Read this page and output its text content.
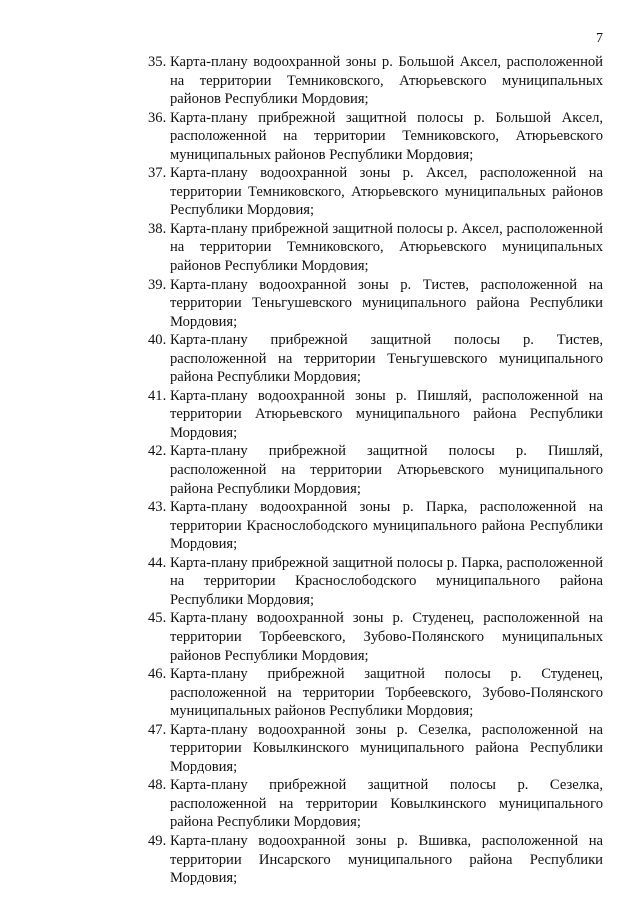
7
35. Карта-плану водоохранной зоны р. Большой Аксел, расположенной на территории Темниковского, Атюрьевского муниципальных районов Республики Мордовия;
36. Карта-плану прибрежной защитной полосы р. Большой Аксел, расположенной на территории Темниковского, Атюрьевского муниципальных районов Республики Мордовия;
37. Карта-плану водоохранной зоны р. Аксел, расположенной на территории Темниковского, Атюрьевского муниципальных районов Республики Мордовия;
38. Карта-плану прибрежной защитной полосы р. Аксел, расположенной на территории Темниковского, Атюрьевского муниципальных районов Республики Мордовия;
39. Карта-плану водоохранной зоны р. Тистев, расположенной на территории Теньгушевского муниципального района Республики Мордовия;
40. Карта-плану прибрежной защитной полосы р. Тистев, расположенной на территории Теньгушевского муниципального района Республики Мордовия;
41. Карта-плану водоохранной зоны р. Пишляй, расположенной на территории Атюрьевского муниципального района Республики Мордовия;
42. Карта-плану прибрежной защитной полосы р. Пишляй, расположенной на территории Атюрьевского муниципального района Республики Мордовия;
43. Карта-плану водоохранной зоны р. Парка, расположенной на территории Краснослободского муниципального района Республики Мордовия;
44. Карта-плану прибрежной защитной полосы р. Парка, расположенной на территории Краснослободского муниципального района Республики Мордовия;
45. Карта-плану водоохранной зоны р. Студенец, расположенной на территории Торбеевского, Зубово-Полянского муниципальных районов Республики Мордовия;
46. Карта-плану прибрежной защитной полосы р. Студенец, расположенной на территории Торбеевского, Зубово-Полянского муниципальных районов Республики Мордовия;
47. Карта-плану водоохранной зоны р. Сезелка, расположенной на территории Ковылкинского муниципального района Республики Мордовия;
48. Карта-плану прибрежной защитной полосы р. Сезелка, расположенной на территории Ковылкинского муниципального района Республики Мордовия;
49. Карта-плану водоохранной зоны р. Вшивка, расположенной на территории Инсарского муниципального района Республики Мордовия;
